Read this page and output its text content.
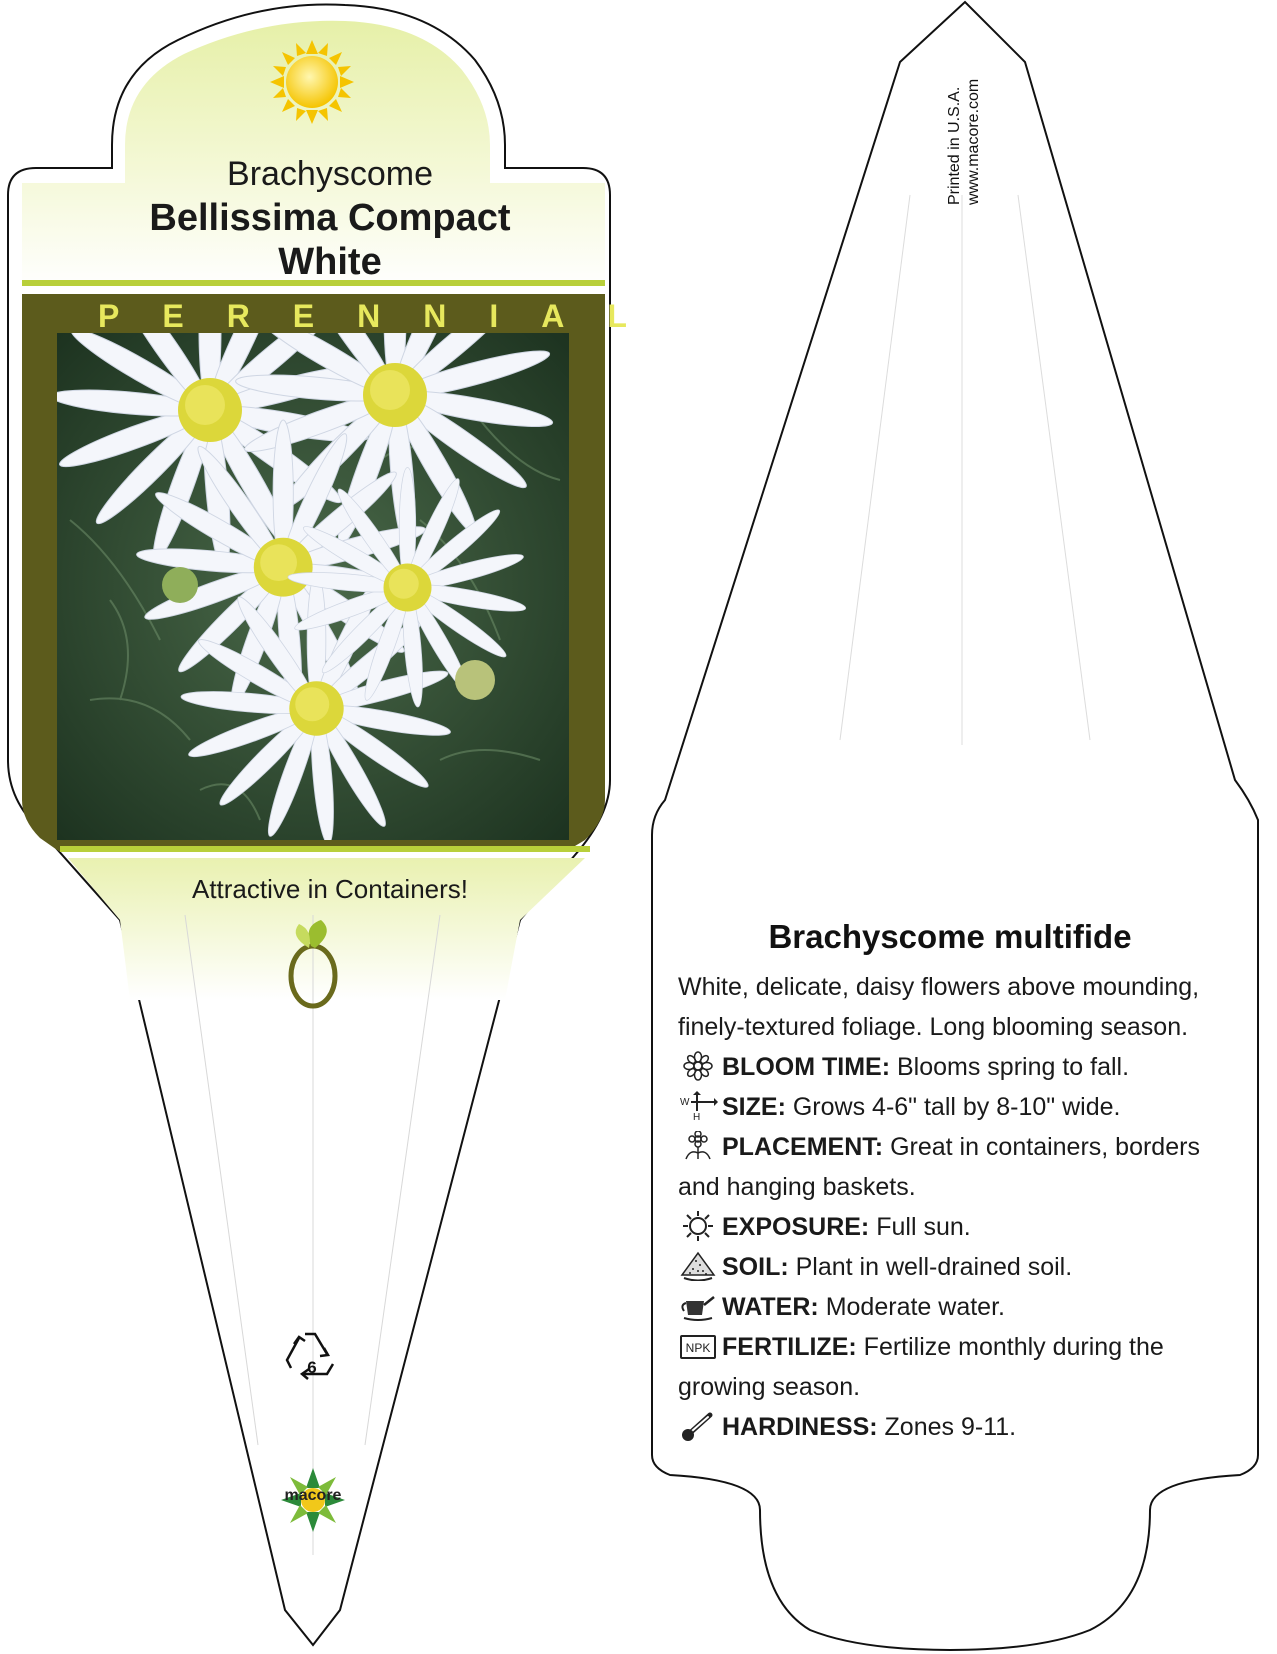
Brachyscome
Bellissima Compact
White
PERENNIAL
Attractive in Containers!
6
macore
Printed in U.S.A. www.macore.com
Brachyscome multifide

White, delicate, daisy flowers above mounding, finely-textured foliage. Long blooming season.

BLOOM TIME: Blooms spring to fall.
W
H SIZE: Grows 4-6" tall by 8-10" wide.
PLACEMENT: Great in containers, borders and hanging baskets.
EXPOSURE: Full sun.
SOIL: Plant in well-drained soil.
WATER: Moderate water.
NPK FERTILIZE: Fertilize monthly during the growing season.
HARDINESS: Zones 9-11.
